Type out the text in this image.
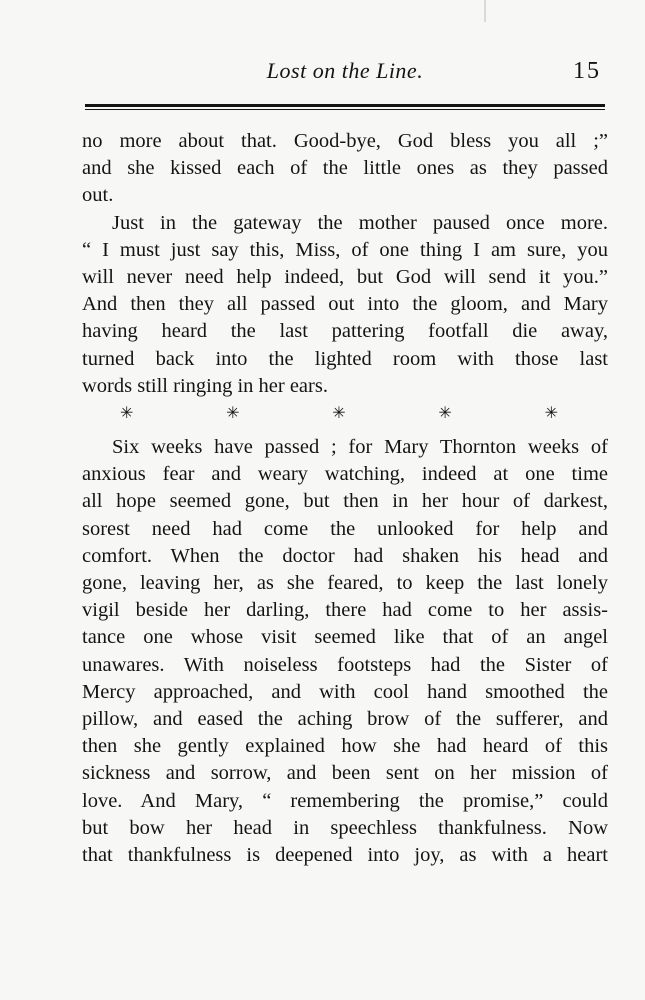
Lost on the Line.	15

no more about that. Good-bye, God bless you all ;”
and she kissed each of the little ones as they passed
out.

Just in the gateway the mother paused once more.
“ I must just say this, Miss, of one thing I am sure, you
will never need help indeed, but God will send it you.”
And then they all passed out into the gloom, and Mary
having heard the last pattering footfall die away,
turned back into the lighted room with those last
words still ringing in her ears.

✳	✳	✳	✳	✳

Six weeks have passed ; for Mary Thornton weeks of
anxious fear and weary watching, indeed at one time
all hope seemed gone, but then in her hour of darkest,
sorest need had come the unlooked for help and
comfort. When the doctor had shaken his head and
gone, leaving her, as she feared, to keep the last lonely
vigil beside her darling, there had come to her assis-
tance one whose visit seemed like that of an angel
unawares. With noiseless footsteps had the Sister of
Mercy approached, and with cool hand smoothed the
pillow, and eased the aching brow of the sufferer, and
then she gently explained how she had heard of this
sickness and sorrow, and been sent on her mission of
love. And Mary, “ remembering the promise,” could
but bow her head in speechless thankfulness. Now
that thankfulness is deepened into joy, as with a heart
